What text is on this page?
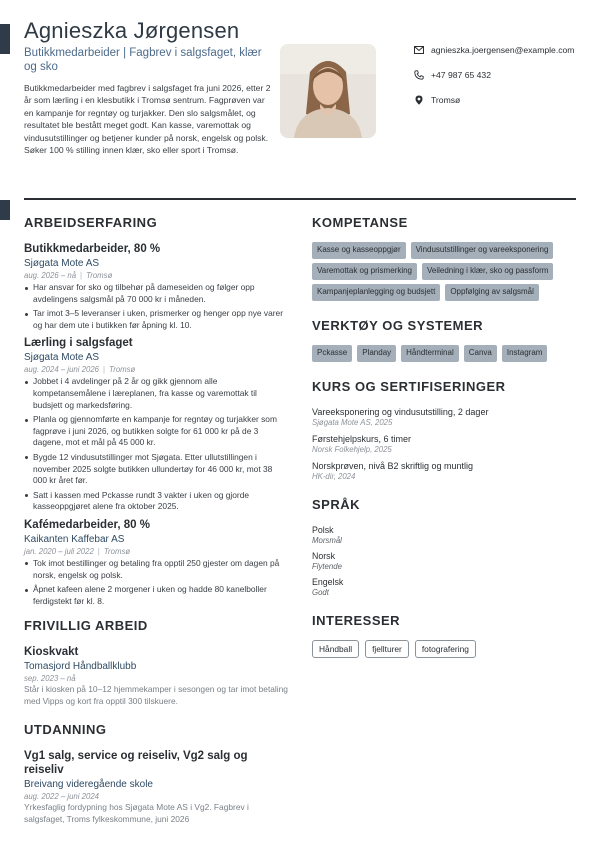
Agnieszka Jørgensen
Butikkmedarbeider | Fagbrev i salgsfaget, klær og sko

Butikkmedarbeider med fagbrev i salgsfaget fra juni 2026, etter 2 år som lærling i en klesbutikk i Tromsø sentrum. Fagprøven var en kampanje for regntøy og turjakker. Den slo salgsmålet, og resultatet ble bestått meget godt. Kan kasse, varemottak og vindusutstillinger og betjener kunder på norsk, engelsk og polsk. Søker 100 % stilling innen klær, sko eller sport i Tromsø.

agnieszka.joergensen@example.com
+47 987 65 432
Tromsø
ARBEIDSERFARING
Butikkmedarbeider, 80 %
Sjøgata Mote AS
aug. 2026 – nå | Tromsø
Har ansvar for sko og tilbehør på dameseiden og følger opp avdelingens salgsmål på 70 000 kr i måneden.
Tar imot 3–5 leveranser i uken, prismerker og henger opp nye varer og har dem ute i butikken før åpning kl. 10.
Lærling i salgsfaget
Sjøgata Mote AS
aug. 2024 – juni 2026 | Tromsø
Jobbet i 4 avdelinger på 2 år og gikk gjennom alle kompetansemålene i læreplanen, fra kasse og varemottak til budsjett og markedsføring.
Planla og gjennomførte en kampanje for regntøy og turjakker som fagprøve i juni 2026, og butikken solgte for 61 000 kr på de 3 dagene, mot et mål på 45 000 kr.
Bygde 12 vindusutstillinger mot Sjøgata. Etter ullutstillingen i november 2025 solgte butikken ullundertøy for 46 000 kr, mot 38 000 kr året før.
Satt i kassen med Pckasse rundt 3 vakter i uken og gjorde kasseoppgjøret alene fra oktober 2025.
Kafémedarbeider, 80 %
Kaikanten Kaffebar AS
jan. 2020 – juli 2022 | Tromsø
Tok imot bestillinger og betaling fra opptil 250 gjester om dagen på norsk, engelsk og polsk.
Åpnet kafeen alene 2 morgener i uken og hadde 80 kanelboller ferdigstekt før kl. 8.
FRIVILLIG ARBEID
Kioskvakt
Tomasjord Håndballklubb
sep. 2023 – nå
Står i kiosken på 10–12 hjemmekamper i sesongen og tar imot betaling med Vipps og kort fra opptil 300 tilskuere.
UTDANNING
Vg1 salg, service og reiseliv, Vg2 salg og reiseliv
Breivang videregående skole
aug. 2022 – juni 2024
Yrkesfaglig fordypning hos Sjøgata Mote AS i Vg2. Fagbrev i salgsfaget, Troms fylkeskommune, juni 2026
KOMPETANSE
Kasse og kasseoppgjør	Vindusutstillinger og vareeksponering
Varemottak og prismerking	Veiledning i klær, sko og passform
Kampanjeplanlegging og budsjett	Oppfølging av salgsmål
VERKTØY OG SYSTEMER
Pckasse	Planday	Håndterminal	Canva	Instagram
KURS OG SERTIFISERINGER
Vareeksponering og vindusutstilling, 2 dager
Sjøgata Mote AS, 2025
Førstehjelpskurs, 6 timer
Norsk Folkehjelp, 2025
Norskprøven, nivå B2 skriftlig og muntlig
HK-dir, 2024
SPRÅK
Polsk
Morsmål
Norsk
Flytende
Engelsk
Godt
INTERESSER
Håndball	fjellturer	fotografering
